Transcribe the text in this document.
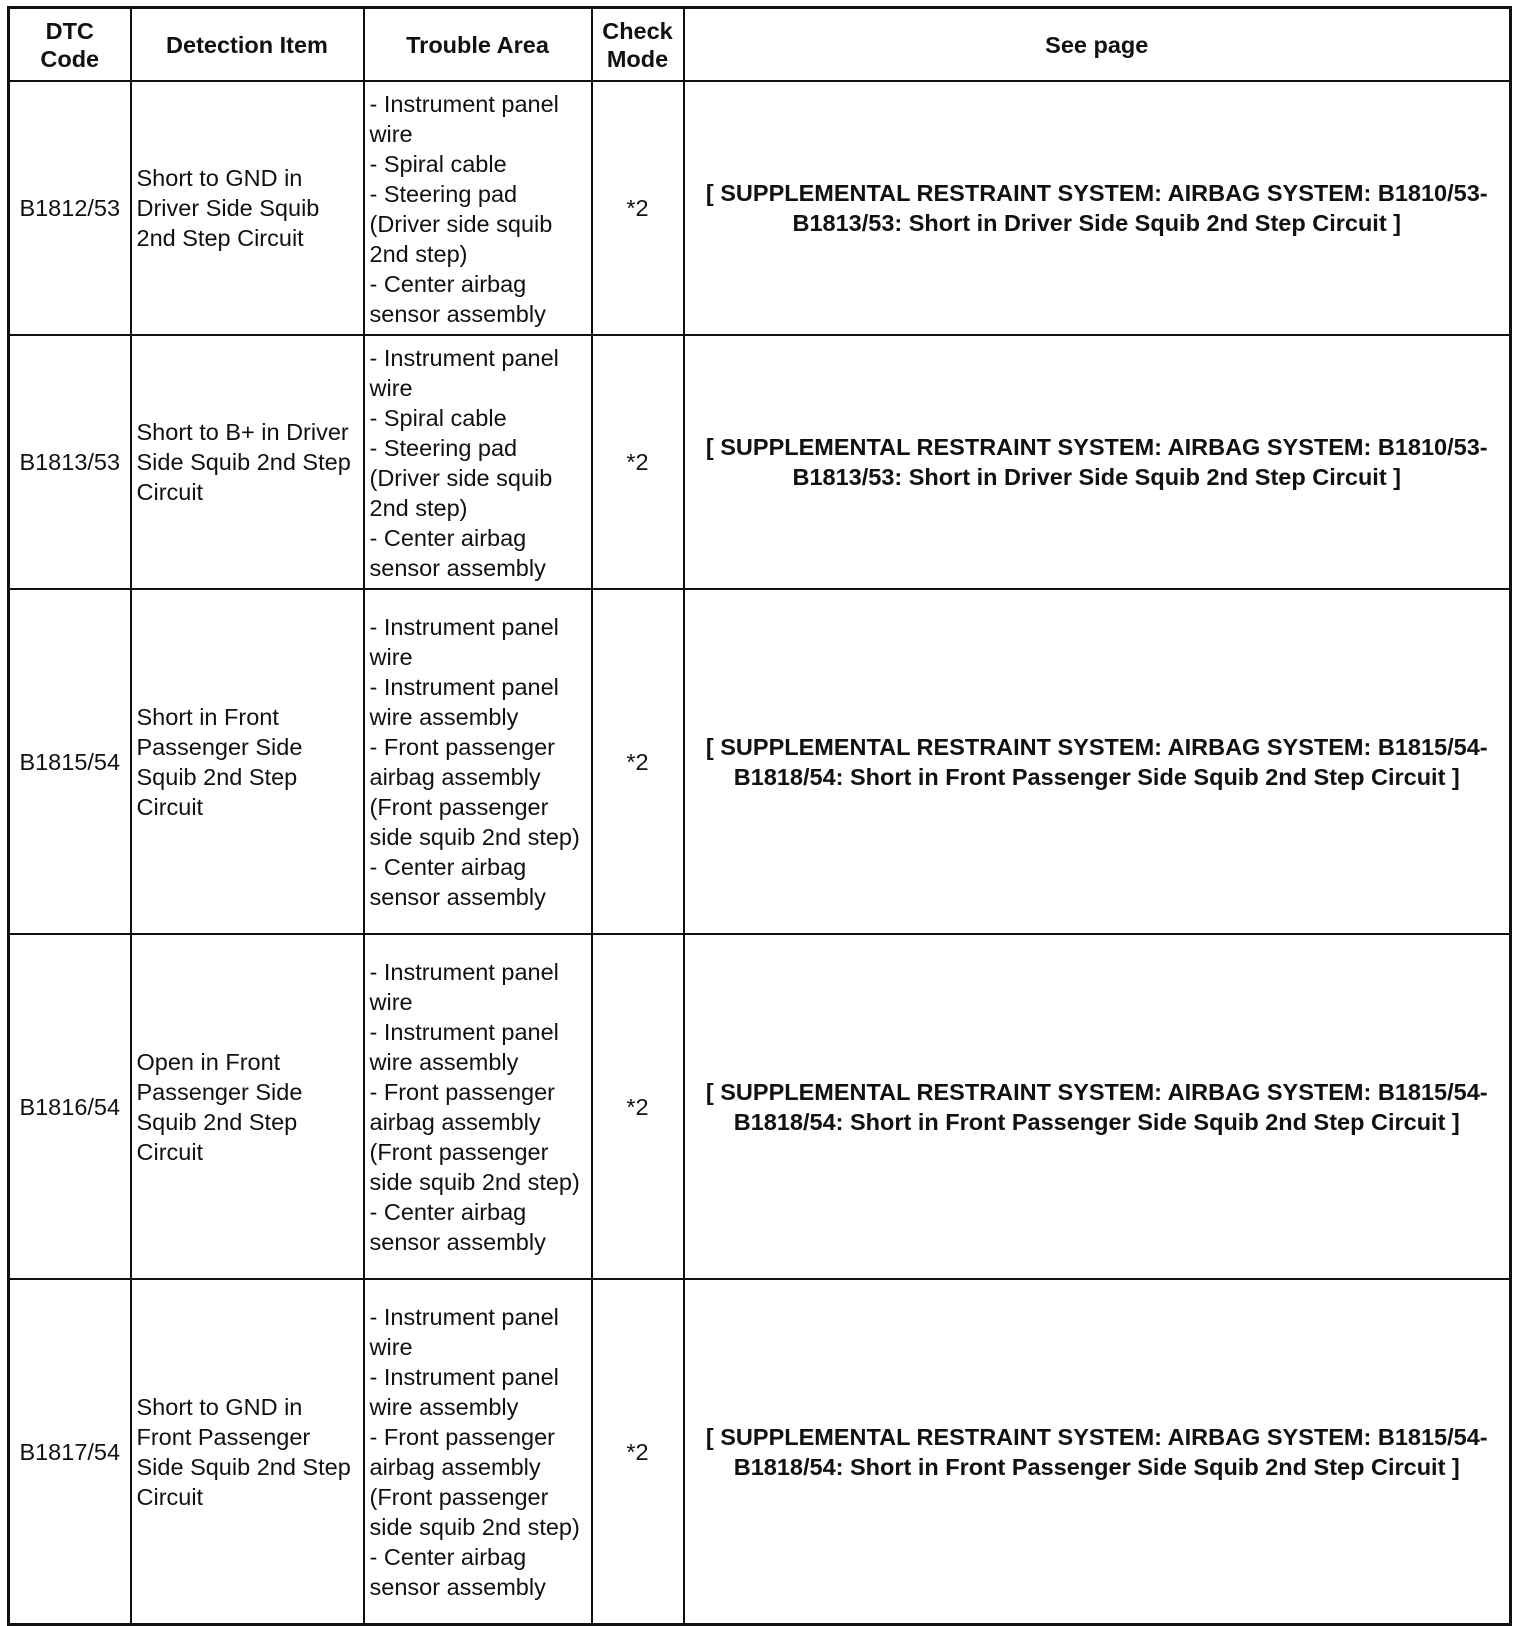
DTC Code	Detection Item	Trouble Area	Check Mode	See page
B1812/53	Short to GND in Driver Side Squib 2nd Step Circuit	- Instrument panel wire
- Spiral cable
- Steering pad (Driver side squib 2nd step)
- Center airbag sensor assembly	*2	[ SUPPLEMENTAL RESTRAINT SYSTEM: AIRBAG SYSTEM: B1810/53-B1813/53: Short in Driver Side Squib 2nd Step Circuit ]
B1813/53	Short to B+ in Driver Side Squib 2nd Step Circuit	- Instrument panel wire
- Spiral cable
- Steering pad (Driver side squib 2nd step)
- Center airbag sensor assembly	*2	[ SUPPLEMENTAL RESTRAINT SYSTEM: AIRBAG SYSTEM: B1810/53-B1813/53: Short in Driver Side Squib 2nd Step Circuit ]
B1815/54	Short in Front Passenger Side Squib 2nd Step Circuit	- Instrument panel wire
- Instrument panel wire assembly
- Front passenger airbag assembly (Front passenger side squib 2nd step)
- Center airbag sensor assembly	*2	[ SUPPLEMENTAL RESTRAINT SYSTEM: AIRBAG SYSTEM: B1815/54-B1818/54: Short in Front Passenger Side Squib 2nd Step Circuit ]
B1816/54	Open in Front Passenger Side Squib 2nd Step Circuit	- Instrument panel wire
- Instrument panel wire assembly
- Front passenger airbag assembly (Front passenger side squib 2nd step)
- Center airbag sensor assembly	*2	[ SUPPLEMENTAL RESTRAINT SYSTEM: AIRBAG SYSTEM: B1815/54-B1818/54: Short in Front Passenger Side Squib 2nd Step Circuit ]
B1817/54	Short to GND in Front Passenger Side Squib 2nd Step Circuit	- Instrument panel wire
- Instrument panel wire assembly
- Front passenger airbag assembly (Front passenger side squib 2nd step)
- Center airbag sensor assembly	*2	[ SUPPLEMENTAL RESTRAINT SYSTEM: AIRBAG SYSTEM: B1815/54-B1818/54: Short in Front Passenger Side Squib 2nd Step Circuit ]
